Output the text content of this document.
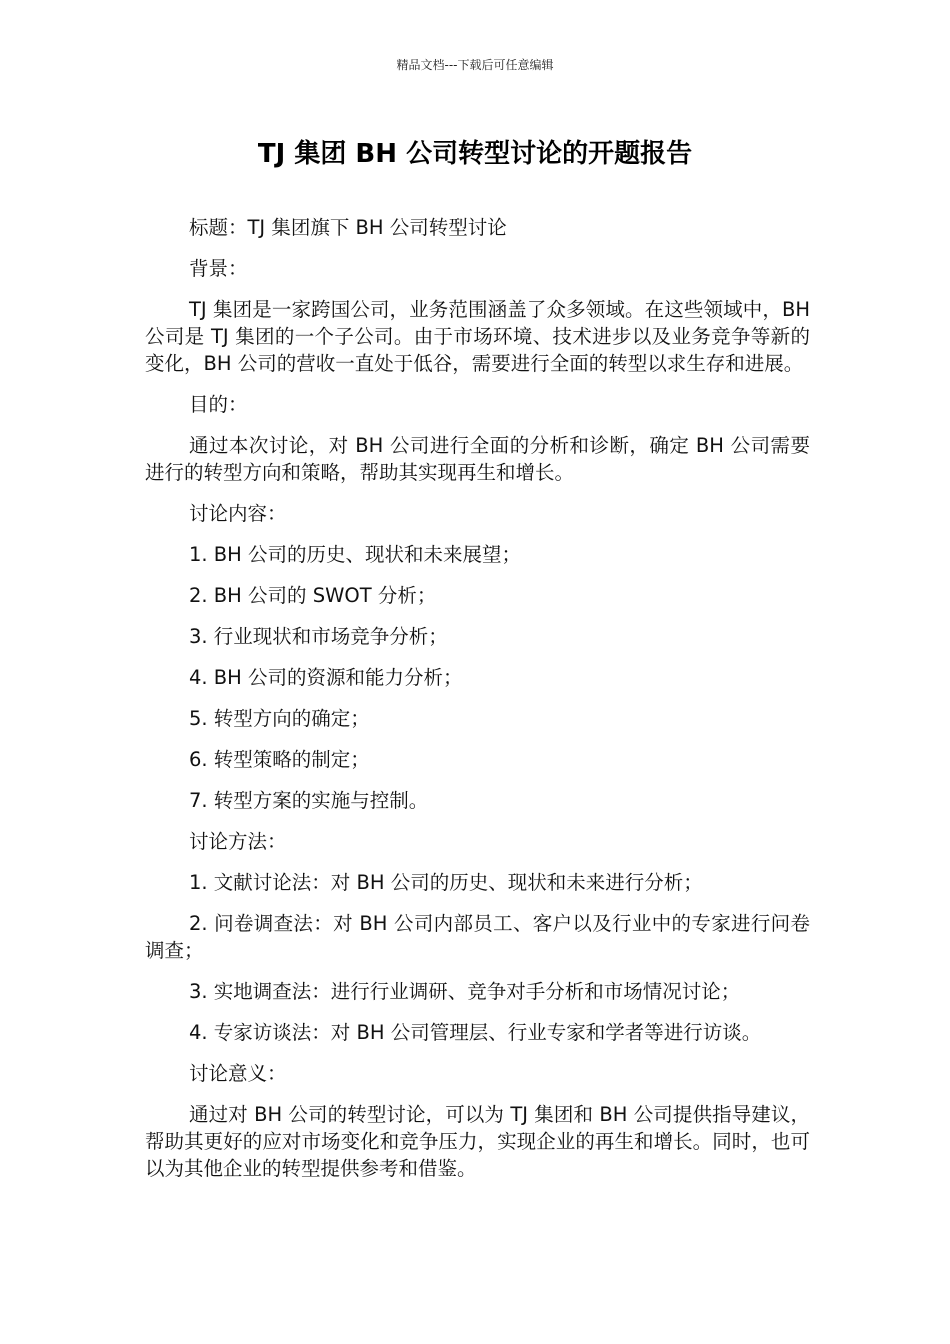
精品文档---下载后可任意编辑
TJ 集团 BH 公司转型讨论的开题报告

标题：TJ 集团旗下 BH 公司转型讨论

背景：

TJ 集团是一家跨国公司，业务范围涵盖了众多领域。在这些领域中，BH 公司是 TJ 集团的一个子公司。由于市场环境、技术进步以及业务竞争等新的变化，BH 公司的营收一直处于低谷，需要进行全面的转型以求生存和进展。

目的：

通过本次讨论，对 BH 公司进行全面的分析和诊断，确定 BH 公司需要进行的转型方向和策略，帮助其实现再生和增长。

讨论内容：

1. BH 公司的历史、现状和未来展望；

2. BH 公司的 SWOT 分析；

3. 行业现状和市场竞争分析；

4. BH 公司的资源和能力分析；

5. 转型方向的确定；

6. 转型策略的制定；

7. 转型方案的实施与控制。

讨论方法：

1. 文献讨论法：对 BH 公司的历史、现状和未来进行分析；

2. 问卷调查法：对 BH 公司内部员工、客户以及行业中的专家进行问卷调查；

3. 实地调查法：进行行业调研、竞争对手分析和市场情况讨论；

4. 专家访谈法：对 BH 公司管理层、行业专家和学者等进行访谈。

讨论意义：

通过对 BH 公司的转型讨论，可以为 TJ 集团和 BH 公司提供指导建议，帮助其更好的应对市场变化和竞争压力，实现企业的再生和增长。同时，也可以为其他企业的转型提供参考和借鉴。
